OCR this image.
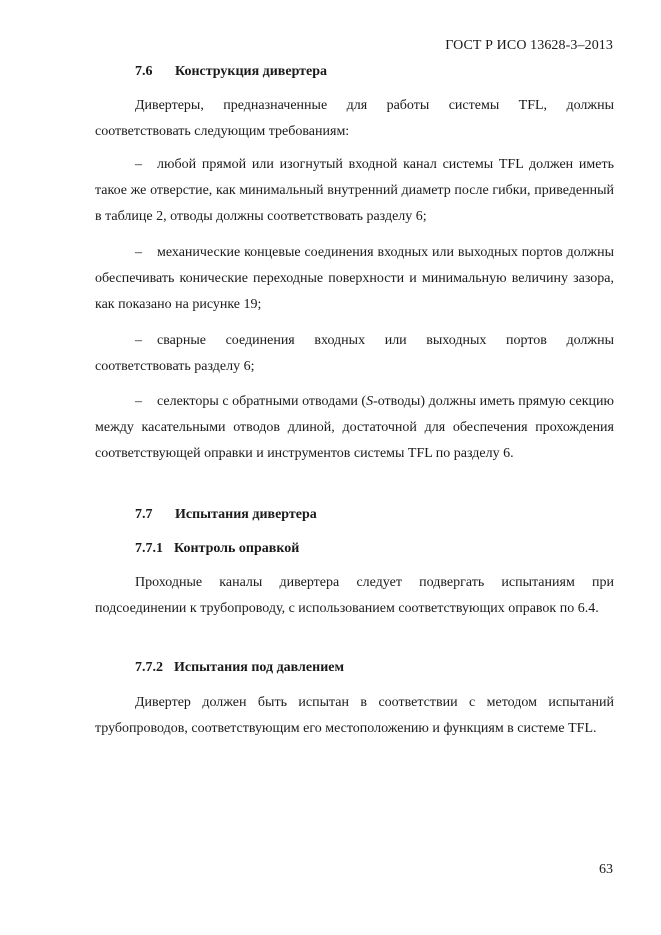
ГОСТ Р ИСО 13628-3–2013
7.6 Конструкция дивертера

Дивертеры, предназначенные для работы системы TFL, должны соответствовать следующим требованиям:

– любой прямой или изогнутый входной канал системы TFL должен иметь такое же отверстие, как минимальный внутренний диаметр после гибки, приведенный в таблице 2, отводы должны соответствовать разделу 6;

– механические концевые соединения входных или выходных портов должны обеспечивать конические переходные поверхности и минимальную величину зазора, как показано на рисунке 19;

– сварные соединения входных или выходных портов должны соответствовать разделу 6;

– селекторы с обратными отводами (S-отводы) должны иметь прямую секцию между касательными отводов длиной, достаточной для обеспечения прохождения соответствующей оправки и инструментов системы TFL по разделу 6.

7.7 Испытания дивертера
7.7.1 Контроль оправкой

Проходные каналы дивертера следует подвергать испытаниям при подсоединении к трубопроводу, с использованием соответствующих оправок по 6.4.

7.7.2 Испытания под давлением

Дивертер должен быть испытан в соответствии с методом испытаний трубопроводов, соответствующим его местоположению и функциям в системе TFL.

63
